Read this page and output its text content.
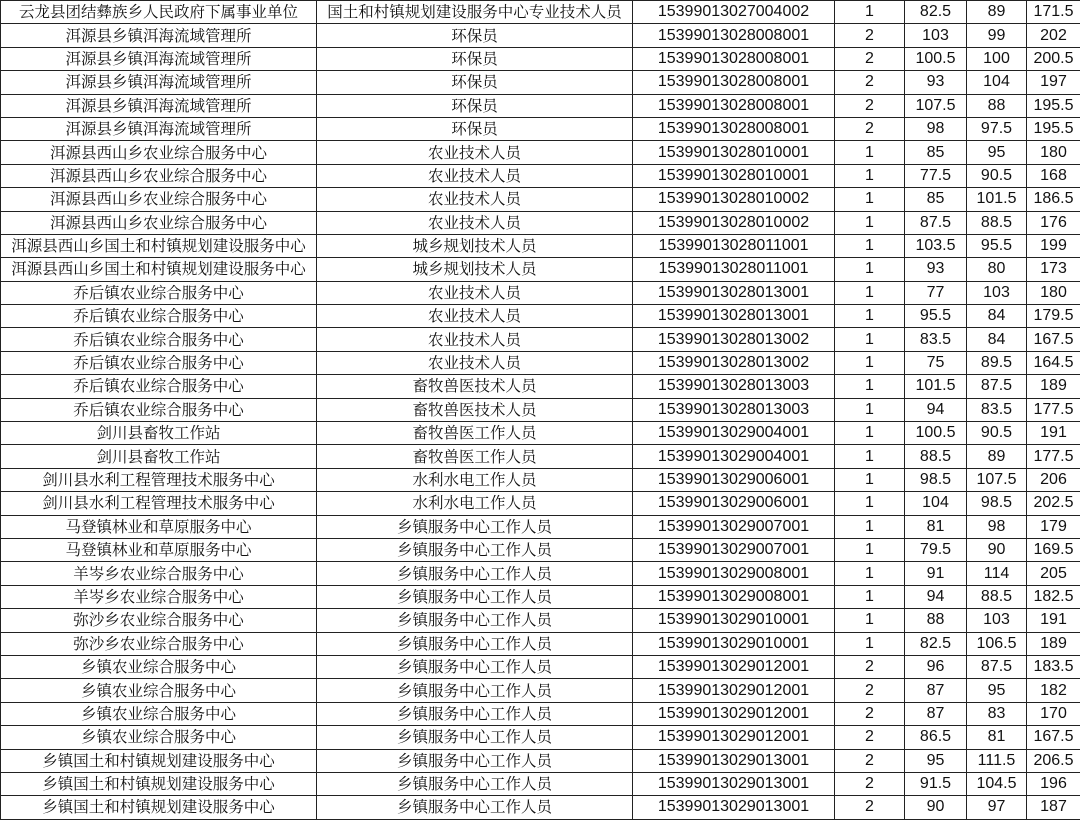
云龙县团结彝族乡人民政府下属事业单位	国土和村镇规划建设服务中心专业技术人员	15399013027004002	1	82.5	89	171.5
洱源县乡镇洱海流域管理所	环保员	15399013028008001	2	103	99	202
洱源县乡镇洱海流域管理所	环保员	15399013028008001	2	100.5	100	200.5
洱源县乡镇洱海流域管理所	环保员	15399013028008001	2	93	104	197
洱源县乡镇洱海流域管理所	环保员	15399013028008001	2	107.5	88	195.5
洱源县乡镇洱海流域管理所	环保员	15399013028008001	2	98	97.5	195.5
洱源县西山乡农业综合服务中心	农业技术人员	15399013028010001	1	85	95	180
洱源县西山乡农业综合服务中心	农业技术人员	15399013028010001	1	77.5	90.5	168
洱源县西山乡农业综合服务中心	农业技术人员	15399013028010002	1	85	101.5	186.5
洱源县西山乡农业综合服务中心	农业技术人员	15399013028010002	1	87.5	88.5	176
洱源县西山乡国土和村镇规划建设服务中心	城乡规划技术人员	15399013028011001	1	103.5	95.5	199
洱源县西山乡国土和村镇规划建设服务中心	城乡规划技术人员	15399013028011001	1	93	80	173
乔后镇农业综合服务中心	农业技术人员	15399013028013001	1	77	103	180
乔后镇农业综合服务中心	农业技术人员	15399013028013001	1	95.5	84	179.5
乔后镇农业综合服务中心	农业技术人员	15399013028013002	1	83.5	84	167.5
乔后镇农业综合服务中心	农业技术人员	15399013028013002	1	75	89.5	164.5
乔后镇农业综合服务中心	畜牧兽医技术人员	15399013028013003	1	101.5	87.5	189
乔后镇农业综合服务中心	畜牧兽医技术人员	15399013028013003	1	94	83.5	177.5
剑川县畜牧工作站	畜牧兽医工作人员	15399013029004001	1	100.5	90.5	191
剑川县畜牧工作站	畜牧兽医工作人员	15399013029004001	1	88.5	89	177.5
剑川县水利工程管理技术服务中心	水利水电工作人员	15399013029006001	1	98.5	107.5	206
剑川县水利工程管理技术服务中心	水利水电工作人员	15399013029006001	1	104	98.5	202.5
马登镇林业和草原服务中心	乡镇服务中心工作人员	15399013029007001	1	81	98	179
马登镇林业和草原服务中心	乡镇服务中心工作人员	15399013029007001	1	79.5	90	169.5
羊岑乡农业综合服务中心	乡镇服务中心工作人员	15399013029008001	1	91	114	205
羊岑乡农业综合服务中心	乡镇服务中心工作人员	15399013029008001	1	94	88.5	182.5
弥沙乡农业综合服务中心	乡镇服务中心工作人员	15399013029010001	1	88	103	191
弥沙乡农业综合服务中心	乡镇服务中心工作人员	15399013029010001	1	82.5	106.5	189
乡镇农业综合服务中心	乡镇服务中心工作人员	15399013029012001	2	96	87.5	183.5
乡镇农业综合服务中心	乡镇服务中心工作人员	15399013029012001	2	87	95	182
乡镇农业综合服务中心	乡镇服务中心工作人员	15399013029012001	2	87	83	170
乡镇农业综合服务中心	乡镇服务中心工作人员	15399013029012001	2	86.5	81	167.5
乡镇国土和村镇规划建设服务中心	乡镇服务中心工作人员	15399013029013001	2	95	111.5	206.5
乡镇国土和村镇规划建设服务中心	乡镇服务中心工作人员	15399013029013001	2	91.5	104.5	196
乡镇国土和村镇规划建设服务中心	乡镇服务中心工作人员	15399013029013001	2	90	97	187
